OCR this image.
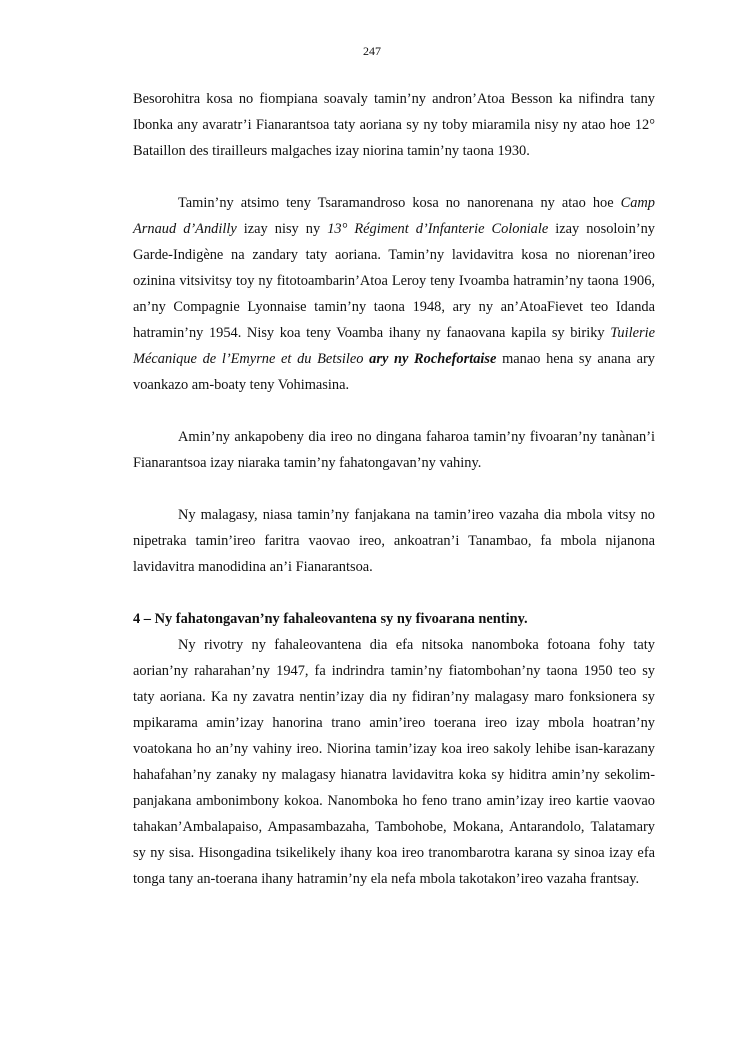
247

Besorohitra kosa no fiompiana soavaly tamin’ny andron’Atoa Besson ka nifindra tany Ibonka any avaratr’i Fianarantsoa taty aoriana sy ny toby miaramila nisy ny atao hoe 12° Bataillon des tirailleurs malgaches izay niorina tamin’ny taona 1930.

Tamin’ny atsimo teny Tsaramandroso kosa no nanorenana ny atao hoe Camp Arnaud d’Andilly izay nisy ny 13° Régiment d’Infanterie Coloniale izay nosoloin’ny Garde-Indigène na zandary taty aoriana. Tamin’ny lavidavitra kosa no niorenan’ireo ozinina vitsivitsy toy ny fitotoambarin’Atoa Leroy teny Ivoamba hatramin’ny taona 1906, an’ny Compagnie Lyonnaise tamin’ny taona 1948, ary ny an’AtoaFievet teo Idanda hatramin’ny 1954. Nisy koa teny Voamba ihany ny fanaovana kapila sy biriky Tuilerie Mécanique de l’Emyrne et du Betsileo ary ny Rochefortaise manao hena sy anana ary voankazo am-boaty teny Vohimasina.

Amin’ny ankapobeny dia ireo no dingana faharoa tamin’ny fivoaran’ny tanànan’i Fianarantsoa izay niaraka tamin’ny fahatongavan’ny vahiny.

Ny malagasy, niasa tamin’ny fanjakana na tamin’ireo vazaha dia mbola vitsy no nipetraka tamin’ireo faritra vaovao ireo, ankoatran’i Tanambao, fa mbola nijanona lavidavitra manodidina an’i Fianarantsoa.

4 – Ny fahatongavan’ny fahaleovantena sy ny fivoarana nentiny.

Ny rivotry ny fahaleovantena dia efa nitsoka nanomboka fotoana fohy taty aorian’ny raharahan’ny 1947, fa indrindra tamin’ny fiatombohan’ny taona 1950 teo sy taty aoriana. Ka ny zavatra nentin’izay dia ny fidiran’ny malagasy maro fonksionera sy mpikarama amin’izay hanorina trano amin’ireo toerana ireo izay mbola hoatran’ny voatokana ho an’ny vahiny ireo. Niorina tamin’izay koa ireo sakoly lehibe isan-karazany hahafahan’ny zanaky ny malagasy hianatra lavidavitra koka sy hiditra amin’ny sekolim-panjakana ambonimbony kokoa. Nanomboka ho feno trano amin’izay ireo kartie vaovao tahakan’Ambalapaiso, Ampasambazaha, Tambohobe, Mokana, Antarandolo, Talatamary sy ny sisa. Hisongadina tsikelikely ihany koa ireo tranombarotra karana sy sinoa izay efa tonga tany an-toerana ihany hatramin’ny ela nefa mbola takotakon’ireo vazaha frantsay.
